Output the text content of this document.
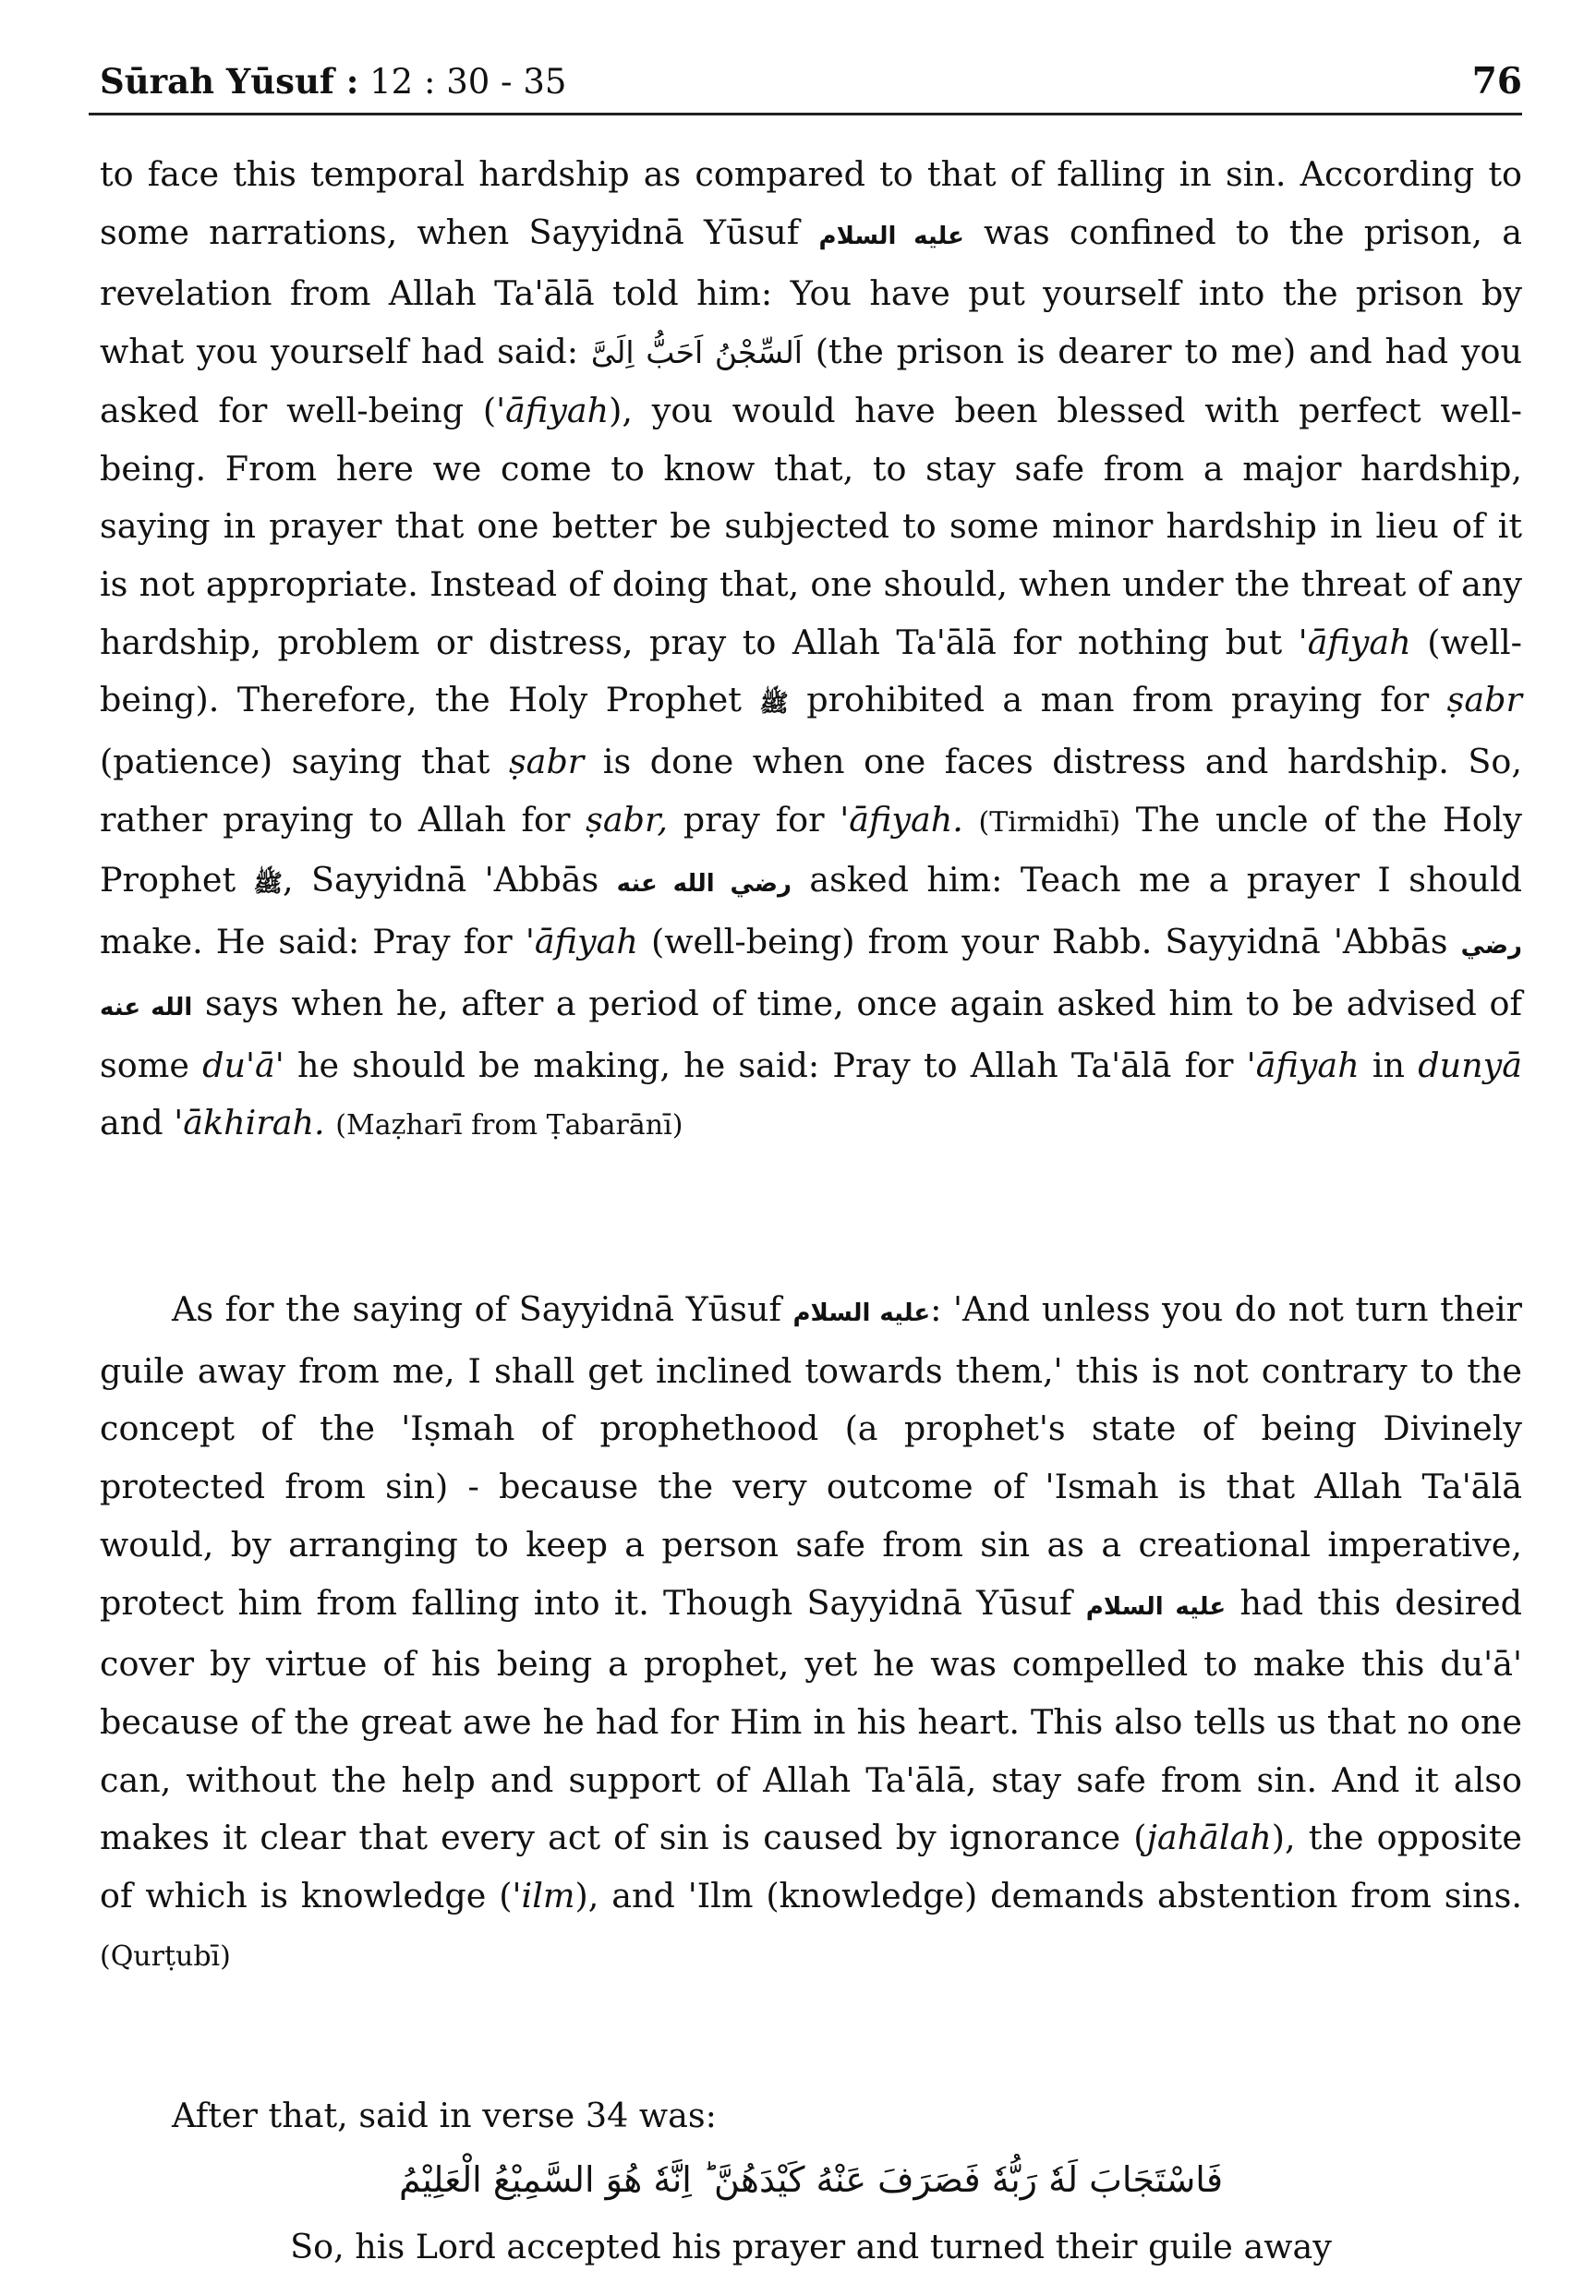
Sūrah Yūsuf : 12 : 30 - 35	76
to face this temporal hardship as compared to that of falling in sin. According to some narrations, when Sayyidnā Yūsuf عليه السلام was confined to the prison, a revelation from Allah Ta'ālā told him: You have put yourself into the prison by what you yourself had said: اَلسِّجْنُ اَحَبُّ اِلَیَّ (the prison is dearer to me) and had you asked for well-being ('āfiyah), you would have been blessed with perfect well-being. From here we come to know that, to stay safe from a major hardship, saying in prayer that one better be subjected to some minor hardship in lieu of it is not appropriate. Instead of doing that, one should, when under the threat of any hardship, problem or distress, pray to Allah Ta'ālā for nothing but 'āfiyah (well-being). Therefore, the Holy Prophet ﷺ prohibited a man from praying for ṣabr (patience) saying that ṣabr is done when one faces distress and hardship. So, rather praying to Allah for ṣabr, pray for 'āfiyah. (Tirmidhī) The uncle of the Holy Prophet ﷺ, Sayyidnā 'Abbās رضي الله عنه asked him: Teach me a prayer I should make. He said: Pray for 'āfiyah (well-being) from your Rabb. Sayyidnā 'Abbās رضي الله عنه says when he, after a period of time, once again asked him to be advised of some du'ā' he should be making, he said: Pray to Allah Ta'ālā for 'āfiyah in dunyā and 'ākhirah. (Maẓharī from Ṭabarānī)
As for the saying of Sayyidnā Yūsuf عليه السلام: 'And unless you do not turn their guile away from me, I shall get inclined towards them,' this is not contrary to the concept of the 'Iṣmah of prophethood (a prophet's state of being Divinely protected from sin) - because the very outcome of 'Ismah is that Allah Ta'ālā would, by arranging to keep a person safe from sin as a creational imperative, protect him from falling into it. Though Sayyidnā Yūsuf عليه السلام had this desired cover by virtue of his being a prophet, yet he was compelled to make this du'ā' because of the great awe he had for Him in his heart. This also tells us that no one can, without the help and support of Allah Ta'ālā, stay safe from sin. And it also makes it clear that every act of sin is caused by ignorance (jahālah), the opposite of which is knowledge ('ilm), and 'Ilm (knowledge) demands abstention from sins. (Qurṭubī)
After that, said in verse 34 was:
فَاسْتَجَابَ لَهٗ رَبُّهٗ فَصَرَفَ عَنْهُ كَيْدَهُنَّ ؕ اِنَّهٗ هُوَ السَّمِيْعُ الْعَلِيْمُ
So, his Lord accepted his prayer and turned their guile away
